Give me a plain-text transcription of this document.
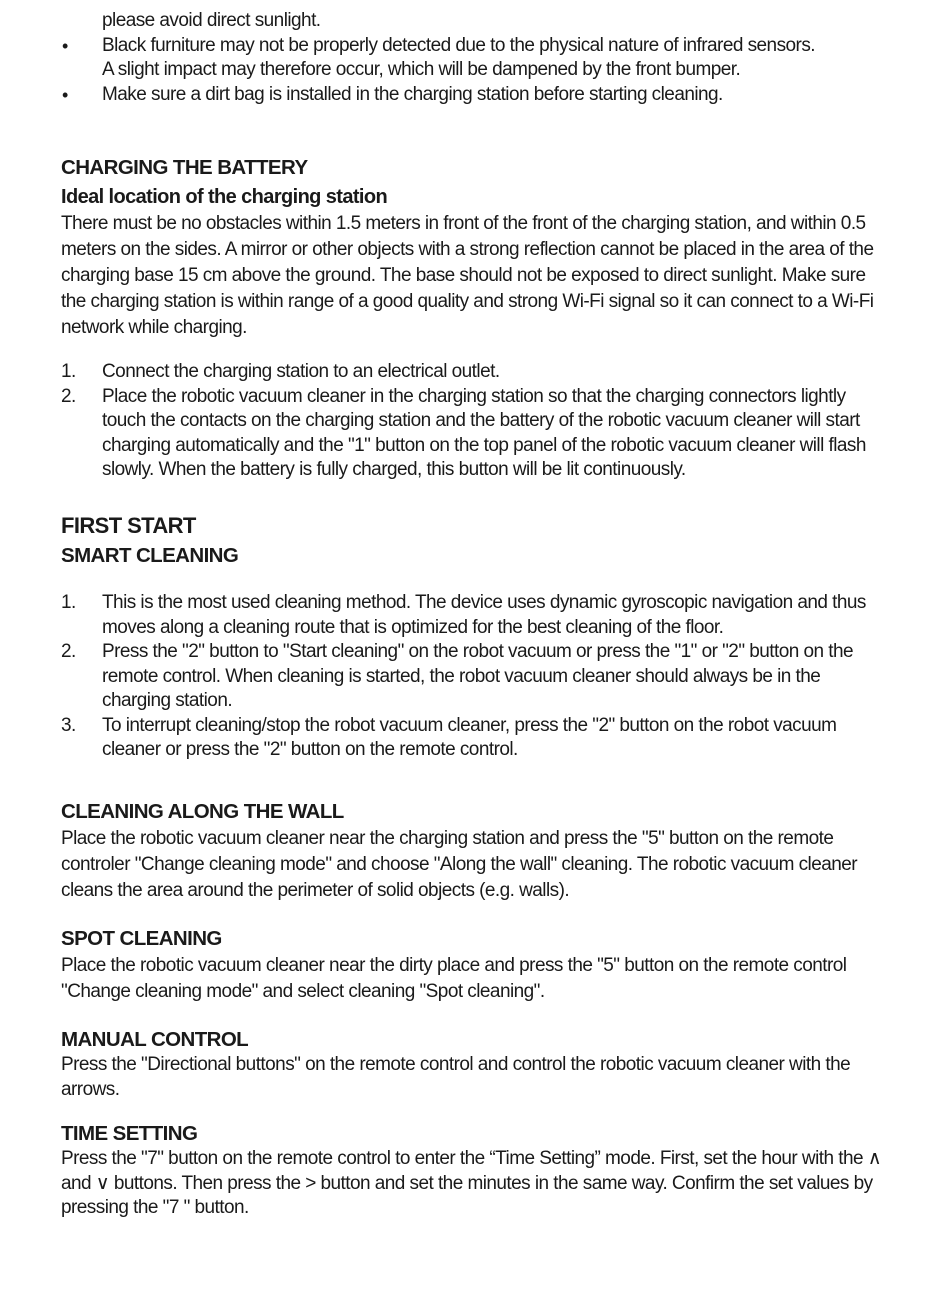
please avoid direct sunlight.

• Black furniture may not be properly detected due to the physical nature of infrared sensors.
A slight impact may therefore occur, which will be dampened by the front bumper.
• Make sure a dirt bag is installed in the charging station before starting cleaning.
CHARGING THE BATTERY
Ideal location of the charging station

There must be no obstacles within 1.5 meters in front of the front of the charging station, and within 0.5 meters on the sides. A mirror or other objects with a strong reflection cannot be placed in the area of the charging base 15 cm above the ground. The base should not be exposed to direct sunlight. Make sure the charging station is within range of a good quality and strong Wi-Fi signal so it can connect to a Wi-Fi network while charging.

1. Connect the charging station to an electrical outlet.
2. Place the robotic vacuum cleaner in the charging station so that the charging connectors lightly touch the contacts on the charging station and the battery of the robotic vacuum cleaner will start charging automatically and the "1" button on the top panel of the robotic vacuum cleaner will flash slowly. When the battery is fully charged, this button will be lit continuously.
FIRST START
SMART CLEANING
1. This is the most used cleaning method. The device uses dynamic gyroscopic navigation and thus moves along a cleaning route that is optimized for the best cleaning of the floor.
2. Press the "2" button to "Start cleaning" on the robot vacuum or press the "1" or "2" button on the remote control. When cleaning is started, the robot vacuum cleaner should always be in the charging station.
3. To interrupt cleaning/stop the robot vacuum cleaner, press the "2" button on the robot vacuum cleaner or press the "2" button on the remote control.
CLEANING ALONG THE WALL

Place the robotic vacuum cleaner near the charging station and press the "5" button on the remote controler "Change cleaning mode" and choose "Along the wall" cleaning. The robotic vacuum cleaner cleans the area around the perimeter of solid objects (e.g. walls).

SPOT CLEANING

Place the robotic vacuum cleaner near the dirty place and press the "5" button on the remote control "Change cleaning mode" and select cleaning "Spot cleaning".

MANUAL CONTROL

Press the "Directional buttons" on the remote control and control the robotic vacuum cleaner with the arrows.

TIME SETTING

Press the "7" button on the remote control to enter the “Time Setting” mode. First, set the hour with the ∧ and ∨ buttons. Then press the > button and set the minutes in the same way. Confirm the set values by pressing the "7 " button.
